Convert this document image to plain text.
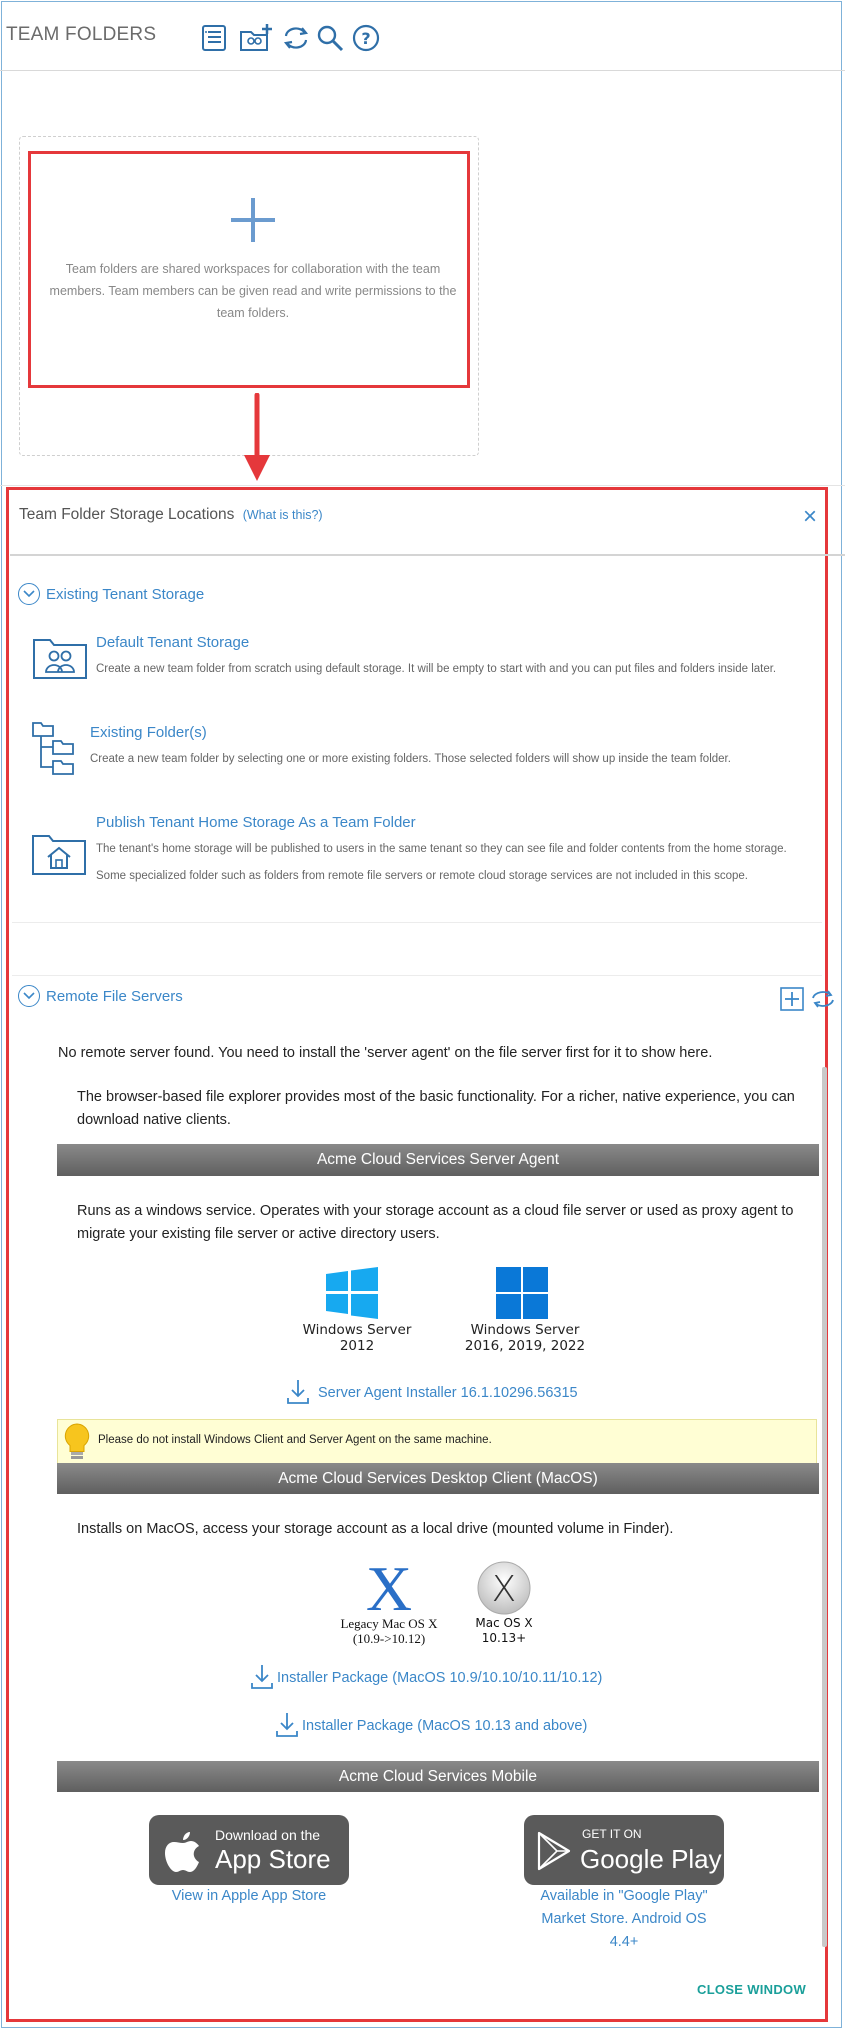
TEAM FOLDERS	?
Team folders are shared workspaces for collaboration with the team members. Team members can be given read and write permissions to the team folders.
Team Folder Storage Locations (What is this?)	×
Existing Tenant Storage
Default Tenant Storage
Create a new team folder from scratch using default storage. It will be empty to start with and you can put files and folders inside later.
Existing Folder(s)
Create a new team folder by selecting one or more existing folders. Those selected folders will show up inside the team folder.
Publish Tenant Home Storage As a Team Folder
The tenant's home storage will be published to users in the same tenant so they can see file and folder contents from the home storage.
Some specialized folder such as folders from remote file servers or remote cloud storage services are not included in this scope.
Remote File Servers
No remote server found. You need to install the 'server agent' on the file server first for it to show here.
The browser-based file explorer provides most of the basic functionality. For a richer, native experience, you can download native clients.
Acme Cloud Services Server Agent
Runs as a windows service. Operates with your storage account as a cloud file server or used as proxy agent to migrate your existing file server or active directory users.
Windows Server
2012
Windows Server
2016, 2019, 2022
Server Agent Installer 16.1.10296.56315
Please do not install Windows Client and Server Agent on the same machine.
Acme Cloud Services Desktop Client (MacOS)
Installs on MacOS, access your storage account as a local drive (mounted volume in Finder).
X
Legacy Mac OS X
(10.9->10.12)
X
Mac OS X
10.13+
Installer Package (MacOS 10.9/10.10/10.11/10.12)
Installer Package (MacOS 10.13 and above)
Acme Cloud Services Mobile
Download on the
App Store
View in Apple App Store
GET IT ON
Google Play
Available in "Google Play"
Market Store. Android OS
4.4+
CLOSE WINDOW
